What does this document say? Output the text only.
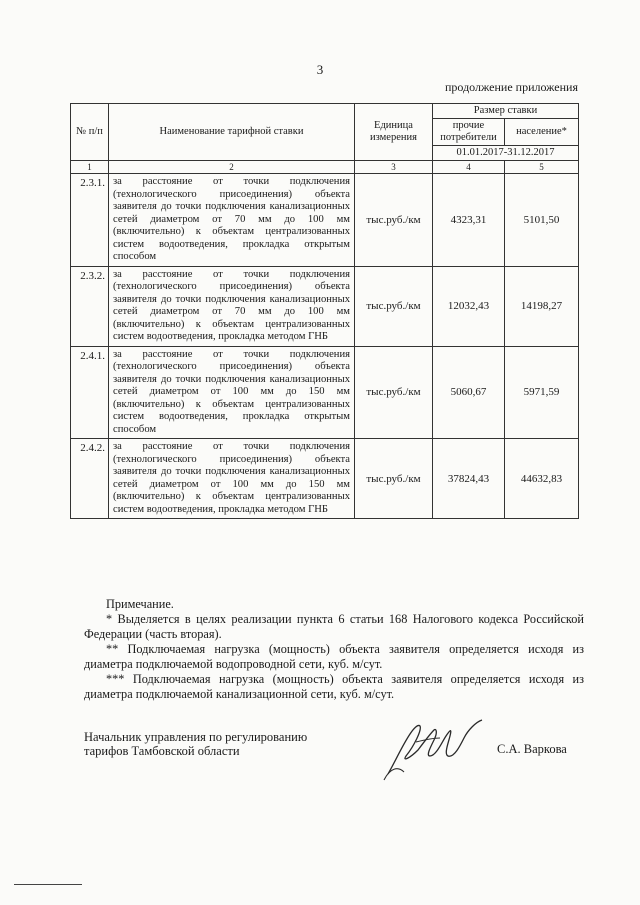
3
продолжение приложения
№ п/п	Наименование тарифной ставки	Единица измерения	Размер ставки	
			прочие потребители	население*
			01.01.2017-31.12.2017	
1	2	3	4	5
2.3.1.	за расстояние от точки подключения (технологического присоединения) объекта заявителя до точки подключения канализационных сетей диаметром от 70 мм до 100 мм (включительно) к объектам централизованных систем водоотведения, прокладка открытым способом	тыс.руб./км	4323,31	5101,50
2.3.2.	за расстояние от точки подключения (технологического присоединения) объекта заявителя до точки подключения канализационных сетей диаметром от 70 мм до 100 мм (включительно) к объектам централизованных систем водоотведения, прокладка методом ГНБ	тыс.руб./км	12032,43	14198,27
2.4.1.	за расстояние от точки подключения (технологического присоединения) объекта заявителя до точки подключения канализационных сетей диаметром от 100 мм до 150 мм (включительно) к объектам централизованных систем водоотведения, прокладка открытым способом	тыс.руб./км	5060,67	5971,59
2.4.2.	за расстояние от точки подключения (технологического присоединения) объекта заявителя до точки подключения канализационных сетей диаметром от 100 мм до 150 мм (включительно) к объектам централизованных систем водоотведения, прокладка методом ГНБ	тыс.руб./км	37824,43	44632,83
Примечание.

* Выделяется в целях реализации пункта 6 статьи 168 Налогового кодекса Российской Федерации (часть вторая).

** Подключаемая нагрузка (мощность) объекта заявителя определяется исходя из диаметра подключаемой водопроводной сети, куб. м/сут.

*** Подключаемая нагрузка (мощность) объекта заявителя определяется исходя из диаметра подключаемой канализационной сети, куб. м/сут.

Начальник управления по регулированию
тарифов Тамбовской области	С.А. Варкова
